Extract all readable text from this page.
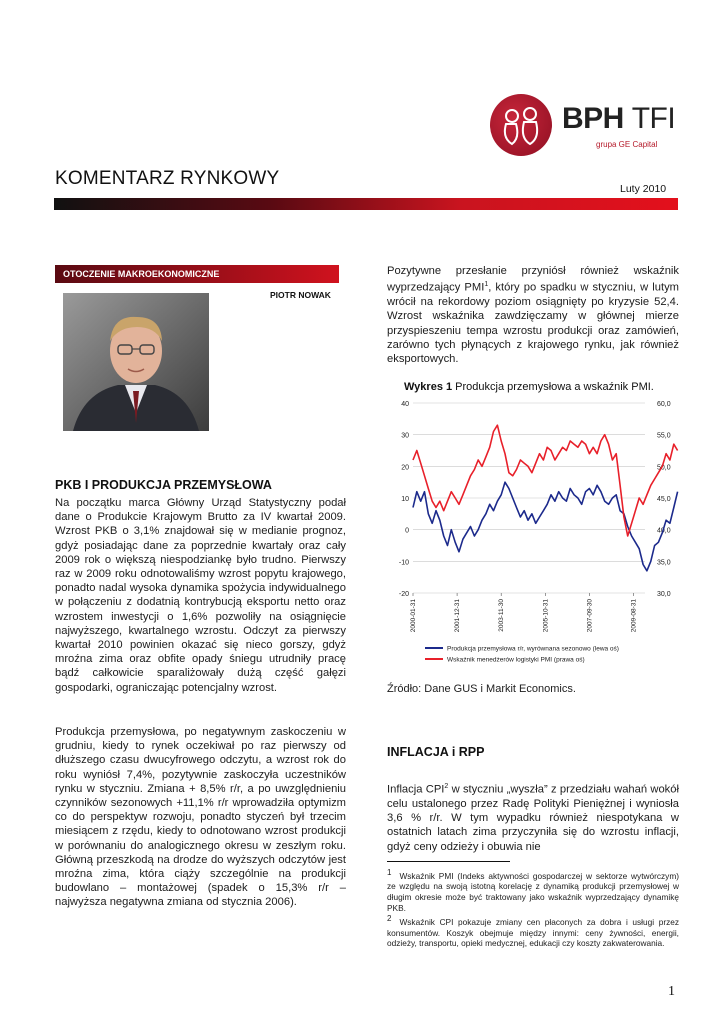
BPH TFI
grupa GE Capital
KOMENTARZ RYNKOWY	Luty 2010
OTOCZENIE MAKROEKONOMICZNE
PIOTR NOWAK
PKB I PRODUKCJA PRZEMYSŁOWA
Na początku marca Główny Urząd Statystyczny podał dane o Produkcie Krajowym Brutto za IV kwartał 2009. Wzrost PKB o 3,1% znajdował się w medianie prognoz, gdyż posiadając dane za poprzednie kwartały oraz cały 2009 rok o większą niespodziankę było trudno. Pierwszy raz w 2009 roku odnotowaliśmy wzrost popytu krajowego, ponadto nadal wysoka dynamika spożycia indywidualnego w połączeniu z dodatnią kontrybucją eksportu netto oraz wzrostem inwestycji o 1,6% pozwoliły na osiągnięcie najwyższego, kwartalnego wzrostu. Odczyt za pierwszy kwartał 2010 powinien okazać się nieco gorszy, gdyż mroźna zima oraz obfite opady śniegu utrudniły pracę bądź całkowicie sparaliżowały dużą część gałęzi gospodarki, ograniczając potencjalny wzrost.
Produkcja przemysłowa, po negatywnym zaskoczeniu w grudniu, kiedy to rynek oczekiwał po raz pierwszy od dłuższego czasu dwucyfrowego odczytu, a wzrost rok do roku wyniósł 7,4%, pozytywnie zaskoczyła uczestników rynku w styczniu. Zmiana + 8,5% r/r, a po uwzględnieniu czynników sezonowych +11,1% r/r wprowadziła optymizm co do perspektyw rozwoju, ponadto styczeń był trzecim miesiącem z rzędu, kiedy to odnotowano wzrost produkcji w porównaniu do analogicznego okresu w zeszłym roku. Główną przeszkodą na drodze do wyższych odczytów jest mroźna zima, która ciąży szczególnie na produkcji budowlano – montażowej (spadek o 15,3% r/r – najwyższa negatywna zmiana od stycznia 2006).
Pozytywne przesłanie przyniósł również wskaźnik wyprzedzający PMI$^1$, który po spadku w styczniu, w lutym wrócił na rekordowy poziom osiągnięty po kryzysie 52,4. Wzrost wskaźnika zawdzięczamy w głównej mierze przyspieszeniu tempa wzrostu produkcji oraz zamówień, zarówno tych płynących z krajowego rynku, jak również eksportowych.
Wykres 1 Produkcja przemysłowa a wskaźnik PMI.
40
30
20
10
0
-10
-20
60,0
55,0
50,0
45,0
40,0
35,0
30,0
2000-01-31	2001-12-31	2003-11-30	2005-10-31	2007-09-30	2009-08-31
Produkcja przemysłowa r/r, wyrównana sezonowo (lewa oś)
Wskaźnik menedżerów logistyki PMI (prawa oś)
Źródło: Dane GUS i Markit Economics.
INFLACJA i RPP
Inflacja CPI$^2$ w styczniu „wyszła” z przedziału wahań wokół celu ustalonego przez Radę Polityki Pieniężnej i wyniosła 3,6 % r/r. W tym wypadku również niespotykana w ostatnich latach zima przyczyniła się do wzrostu inflacji, gdyż ceny odzieży i obuwia nie
1 Wskaźnik PMI (Indeks aktywności gospodarczej w sektorze wytwórczym) ze względu na swoją istotną korelację z dynamiką produkcji przemysłowej w długim okresie może być traktowany jako wskaźnik wyprzedzający dynamikę PKB.
2 Wskaźnik CPI pokazuje zmiany cen płaconych za dobra i usługi przez konsumentów. Koszyk obejmuje między innymi: ceny żywności, energii, odzieży, transportu, opieki medycznej, edukacji czy koszty zakwaterowania.
1
